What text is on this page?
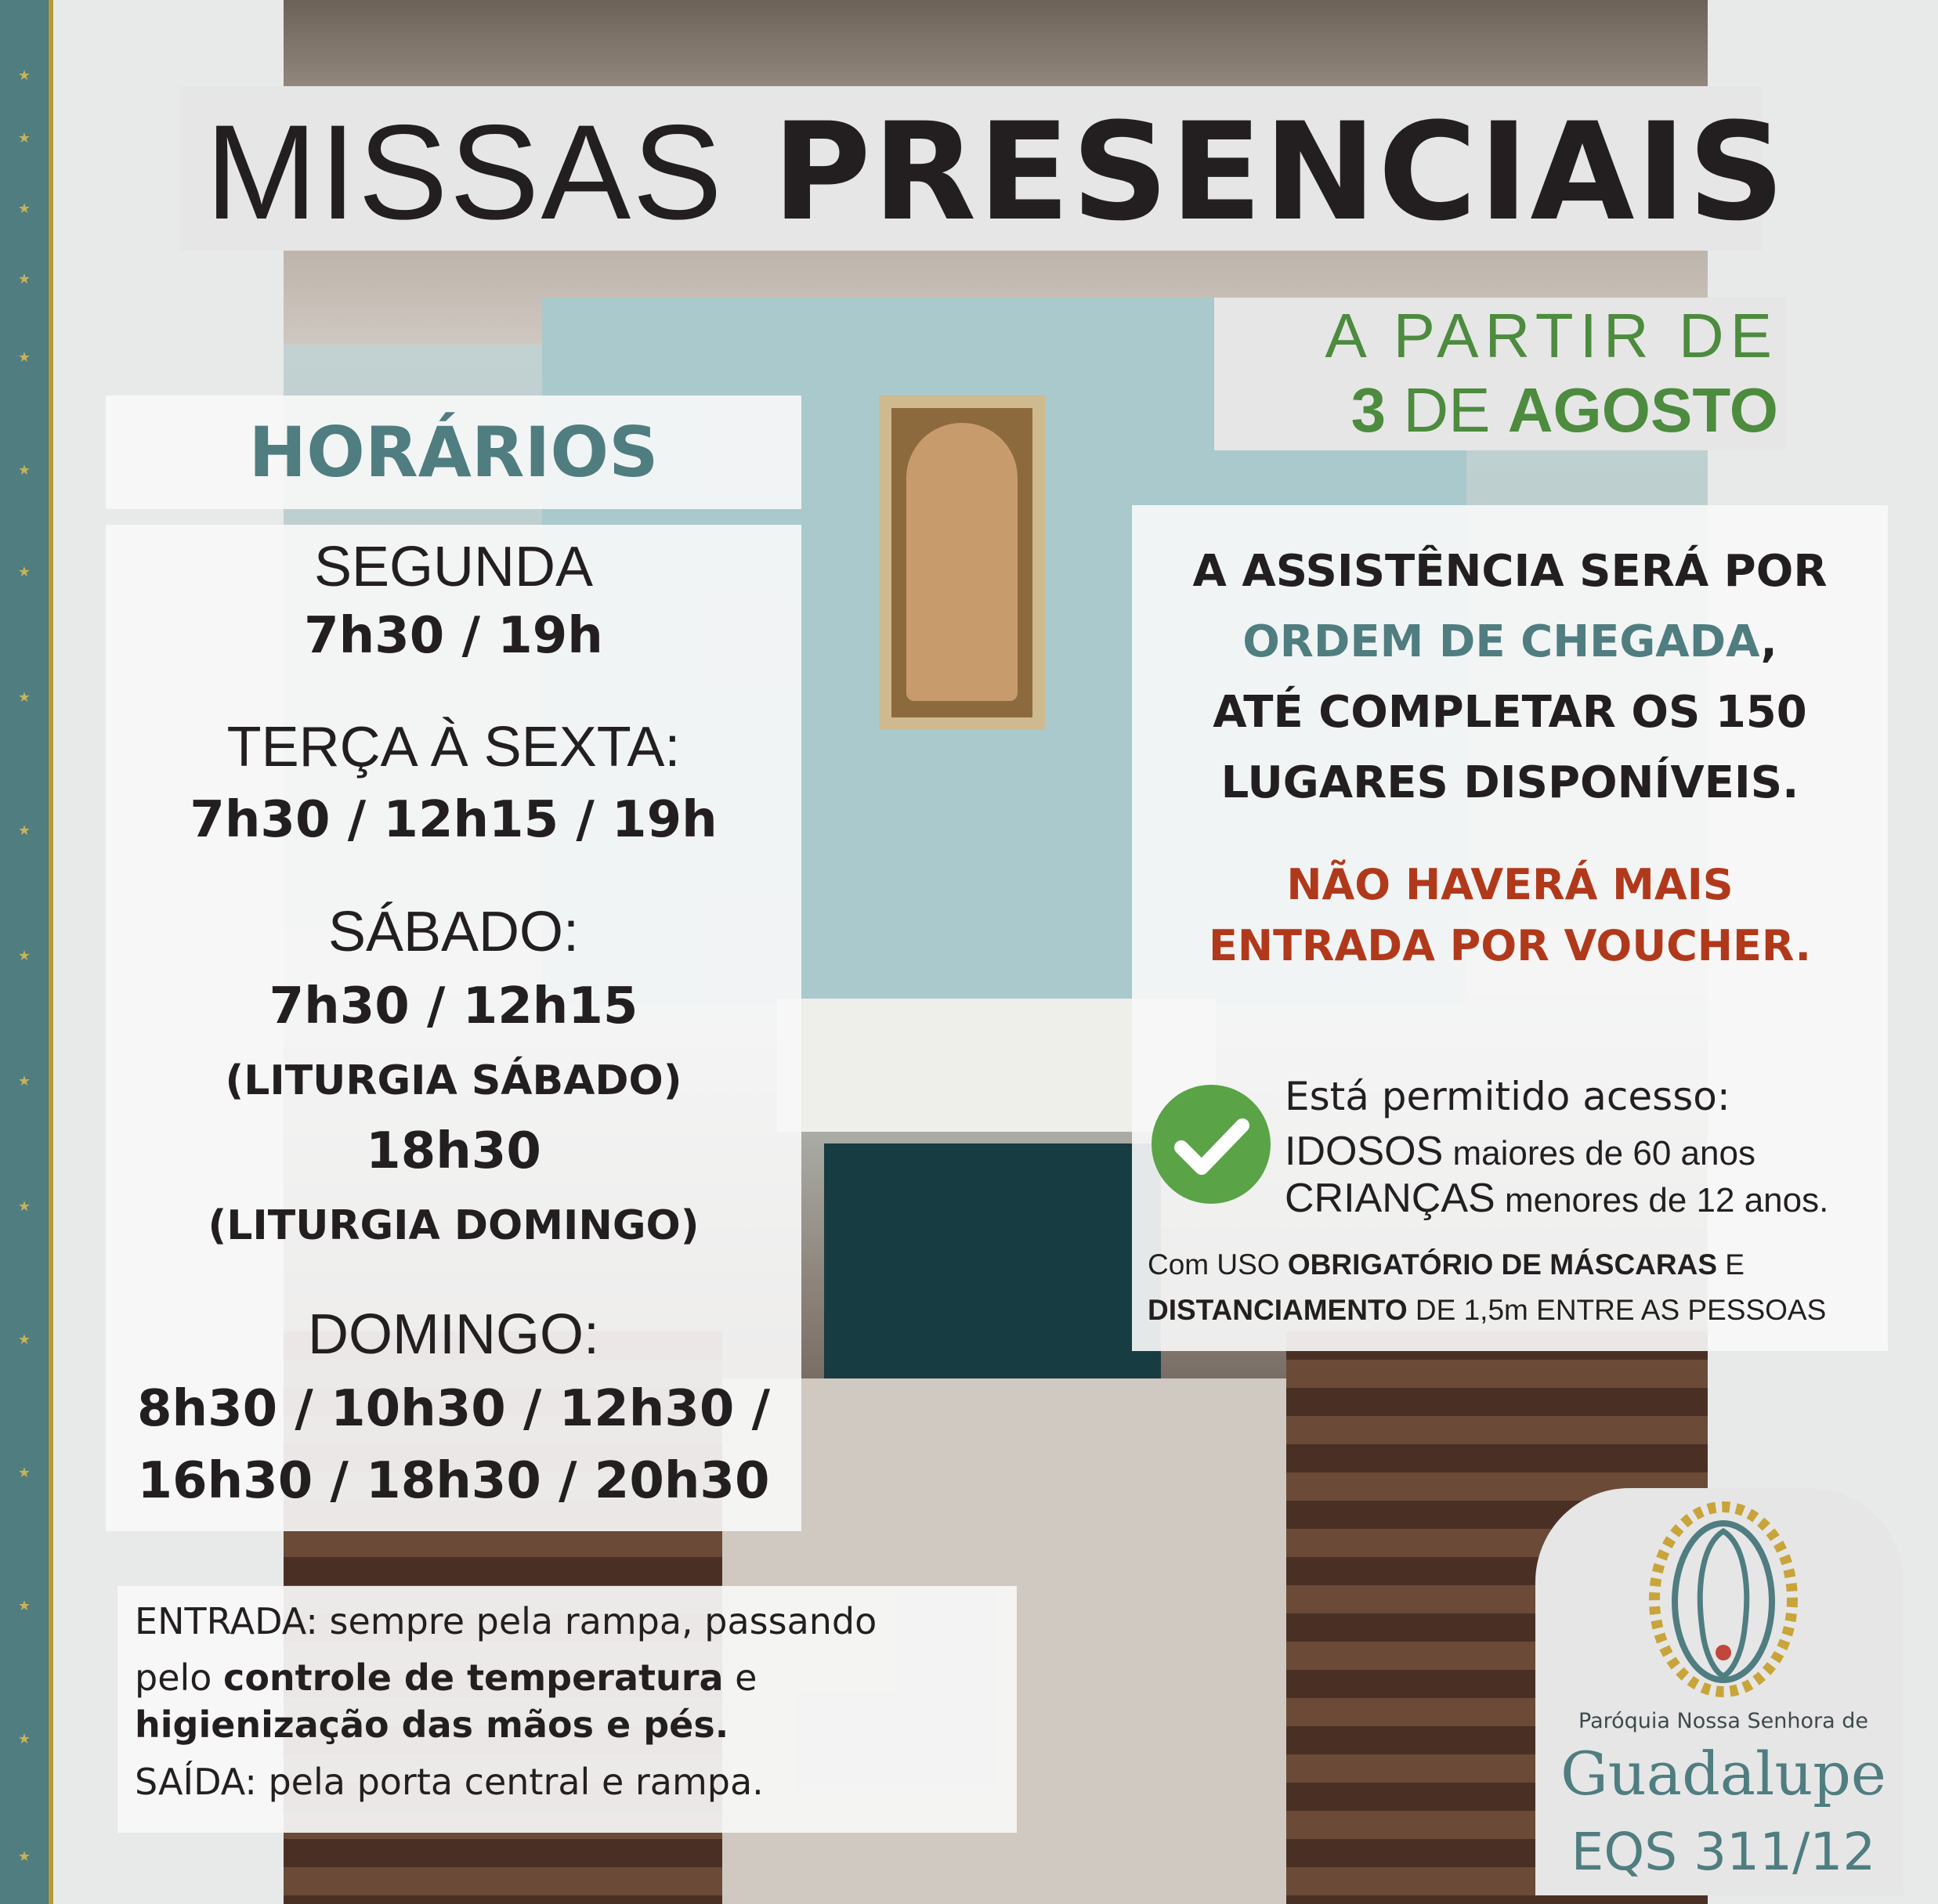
★
★
★
★
★
★
★
★
★
★
★
★
★
★
★
★
★
MISSAS PRESENCIAIS
A PARTIR DE
3 DE AGOSTO
HORÁRIOS
SEGUNDA
7h30 / 19h
TERÇA À SEXTA:
7h30 / 12h15 / 19h
SÁBADO:
7h30 / 12h15
(LITURGIA SÁBADO)
18h30
(LITURGIA DOMINGO)
DOMINGO:
8h30 / 10h30 / 12h30 /
16h30 / 18h30 / 20h30
A ASSISTÊNCIA SERÁ POR
ORDEM DE CHEGADA,
ATÉ COMPLETAR OS 150
LUGARES DISPONÍVEIS.
NÃO HAVERÁ MAIS
ENTRADA POR VOUCHER.
Está permitido acesso:
IDOSOS maiores de 60 anos
CRIANÇAS menores de 12 anos.
Com USO OBRIGATÓRIO DE MÁSCARAS E
DISTANCIAMENTO DE 1,5m ENTRE AS PESSOAS
ENTRADA: sempre pela rampa, passando
pelo controle de temperatura e
higienização das mãos e pés.
SAÍDA: pela porta central e rampa.
Paróquia Nossa Senhora de
Guadalupe
EQS 311/12
